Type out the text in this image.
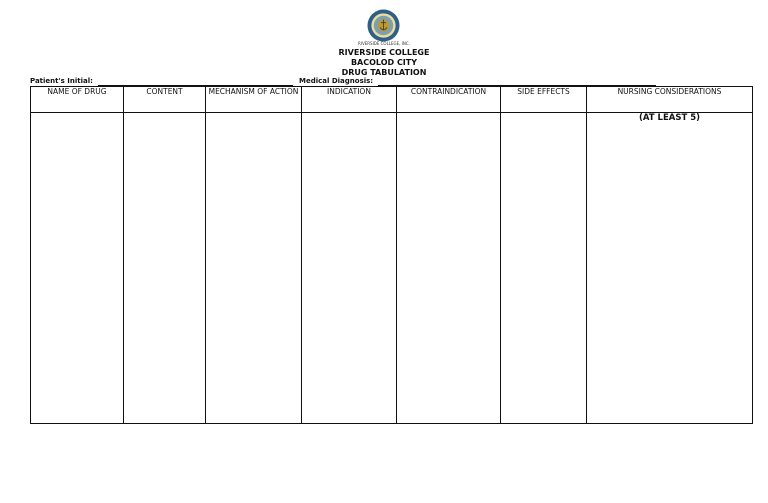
RIVERSIDE COLLEGE, INC.
RIVERSIDE COLLEGE
BACOLOD CITY
DRUG TABULATION
Patient's Initial:	Medical Diagnosis:
NAME OF DRUG	CONTENT	MECHANISM OF ACTION	INDICATION	CONTRAINDICATION	SIDE EFFECTS	NURSING CONSIDERATIONS

						(AT LEAST 5)
